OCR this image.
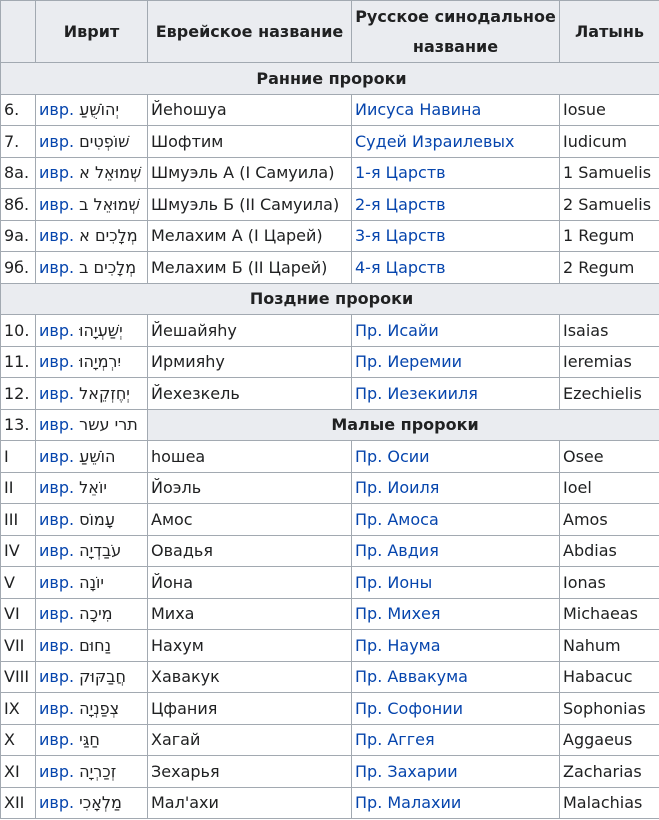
	Иврит	Еврейское название	Русское синодальное название	Латынь
Ранние пророки				
6.	ивр. יְהוֹשֻׁעַ	Йеhошуа	Иисуса Навина	Iosue
7.	ивр. שׁוֹפְטִים	Шофтим	Судей Израилевых	Iudicum
8а.	ивр. שְׁמוּאֵל א	Шмуэль А (I Самуила)	1-я Царств	1 Samuelis
8б.	ивр. שְׁמוּאֵל ב	Шмуэль Б (II Самуила)	2-я Царств	2 Samuelis
9а.	ивр. מְלָכִים א	Мелахим А (I Царей)	3-я Царств	1 Regum
9б.	ивр. מְלָכִים ב	Мелахим Б (II Царей)	4-я Царств	2 Regum
Поздние пророки				
10.	ивр. יְשַׁעְיָהוּ	Йешайяhу	Пр. Исайи	Isaias
11.	ивр. יִרְמְיָהוּ	Ирмияhу	Пр. Иеремии	Ieremias
12.	ивр. יְחֶזְקֵאל	Йехезкель	Пр. Иезекииля	Ezechielis
13.	ивр. תרי עשר	Малые пророки		
I	ивр. הוֹשֵׁעַ	hошеа	Пр. Осии	Osee
II	ивр. יוֹאֵל	Йоэль	Пр. Иоиля	Ioel
III	ивр. עָמוֹס	Амос	Пр. Амоса	Amos
IV	ивр. עֹבַדְיָה	Овадья	Пр. Авдия	Abdias
V	ивр. יוֹנָה	Йона	Пр. Ионы	Ionas
VI	ивр. מִיכָה	Миха	Пр. Михея	Michaeas
VII	ивр. נַחוּם	Нахум	Пр. Наума	Nahum
VIII	ивр. חֲבַקּוּק	Хавакук	Пр. Аввакума	Habacuc
IX	ивр. צְפַנְיָה	Цфания	Пр. Софонии	Sophonias
X	ивр. חַגַּי	Хагай	Пр. Аггея	Aggaeus
XI	ивр. זְכַרְיָה	Зехарья	Пр. Захарии	Zacharias
XII	ивр. מַלְאָכִי	Мал'ахи	Пр. Малахии	Malachias
